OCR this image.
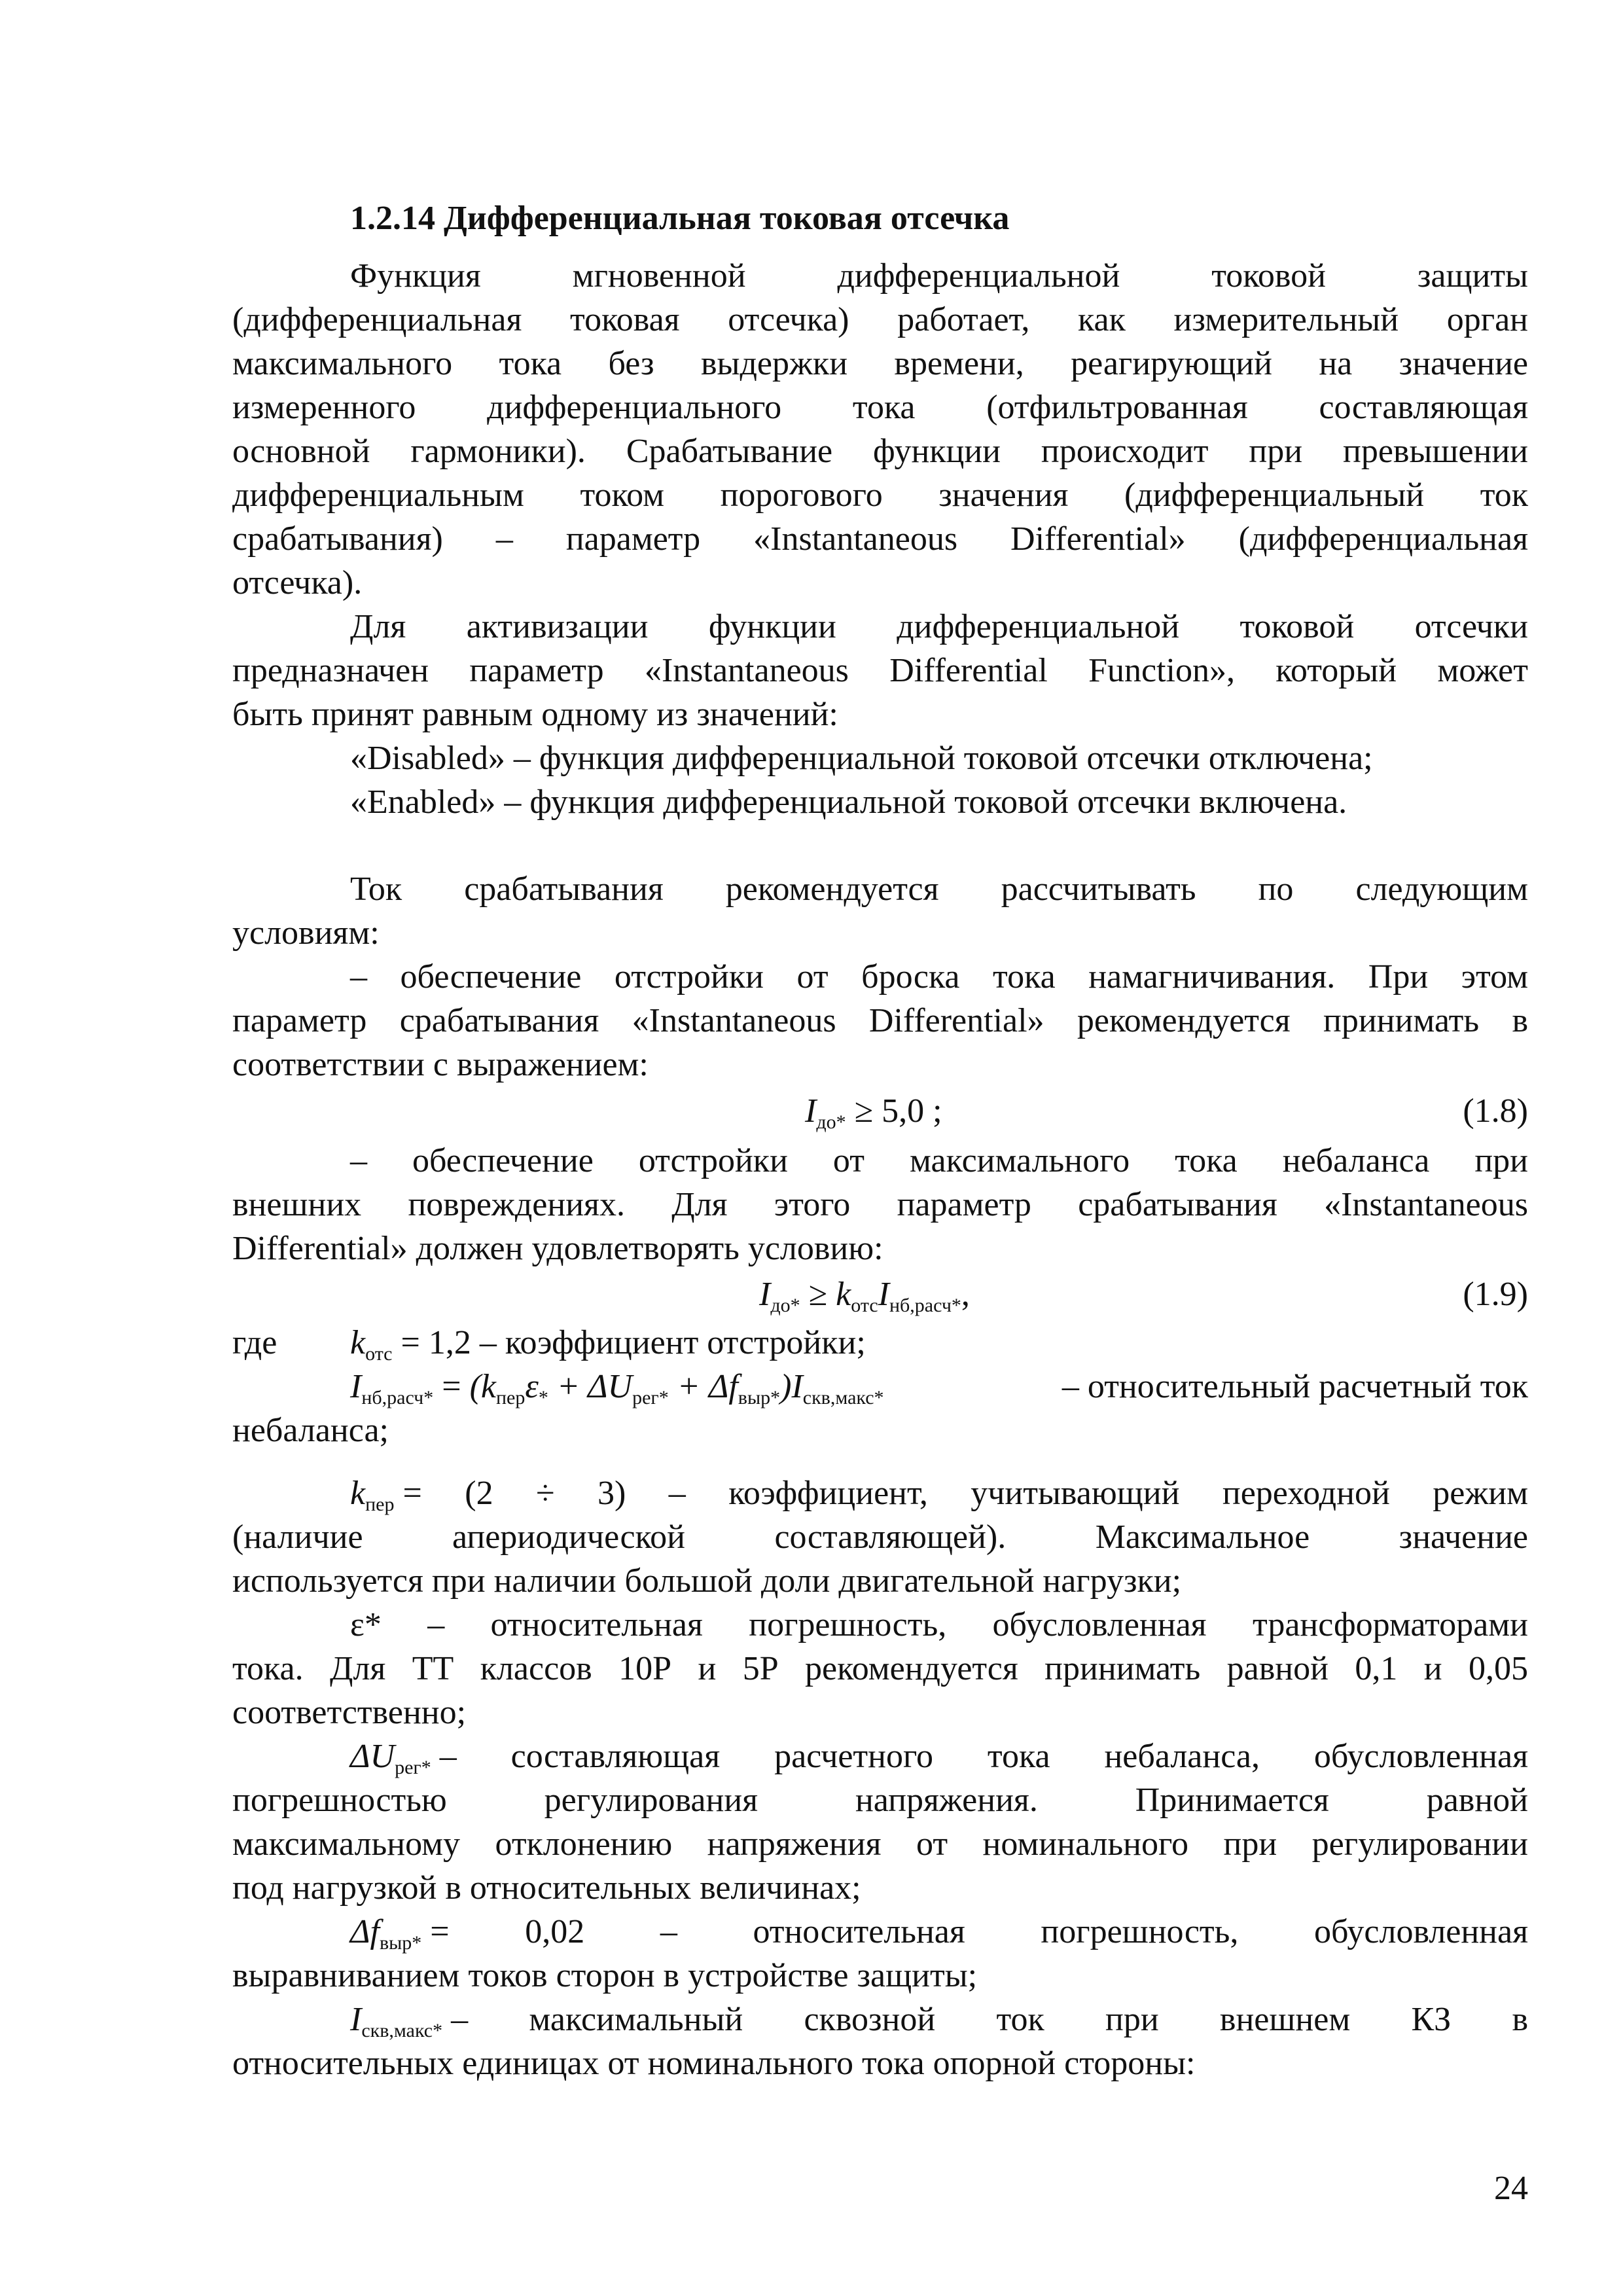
1.2.14 Дифференциальная токовая отсечка
Функция мгновенной дифференциальной токовой защиты
(дифференциальная токовая отсечка) работает, как измерительный орган
максимального тока без выдержки времени, реагирующий на значение
измеренного дифференциального тока (отфильтрованная составляющая
основной гармоники). Срабатывание функции происходит при превышении
дифференциальным током порогового значения (дифференциальный ток
срабатывания) – параметр «Instantaneous Differential» (дифференциальная
отсечка).
Для активизации функции дифференциальной токовой отсечки
предназначен параметр «Instantaneous Differential Function», который может
быть принят равным одному из значений:
«Disabled» – функция дифференциальной токовой отсечки отключена;
«Enabled» – функция дифференциальной токовой отсечки включена.
Ток срабатывания рекомендуется рассчитывать по следующим
условиям:
– обеспечение отстройки от броска тока намагничивания. При этом
параметр срабатывания «Instantaneous Differential» рекомендуется принимать в
соответствии с выражением:
$I_{до*} \ge 5,0$ ;	(1.8)
– обеспечение отстройки от максимального тока небаланса при
внешних повреждениях. Для этого параметр срабатывания «Instantaneous
Differential» должен удовлетворять условию:
$I_{до*} \ge k_{отс}I_{нб,расч*}$,	(1.9)
где $k_{отс} = 1,2$ – коэффициент отстройки;
$I_{нб,расч*} = (k_{пер}\varepsilon_* + \Delta U_{рег*} + \Delta f_{выр*})I_{скв,макс*}$	– относительный расчетный ток
небаланса;
$k_{пер} = (2 \div 3)$ – коэффициент, учитывающий переходной режим
(наличие апериодической составляющей). Максимальное значение
используется при наличии большой доли двигательной нагрузки;
ε* – относительная погрешность, обусловленная трансформаторами
тока. Для ТТ классов 10Р и 5Р рекомендуется принимать равной 0,1 и 0,05
соответственно;
$\Delta U_{рег*}$ – составляющая расчетного тока небаланса, обусловленная
погрешностью регулирования напряжения. Принимается равной
максимальному отклонению напряжения от номинального при регулировании
под нагрузкой в относительных величинах;
$\Delta f_{выр*} = 0,02$ – относительная погрешность, обусловленная
выравниванием токов сторон в устройстве защиты;
$I_{скв,макс*}$ – максимальный сквозной ток при внешнем КЗ в
относительных единицах от номинального тока опорной стороны:
24
